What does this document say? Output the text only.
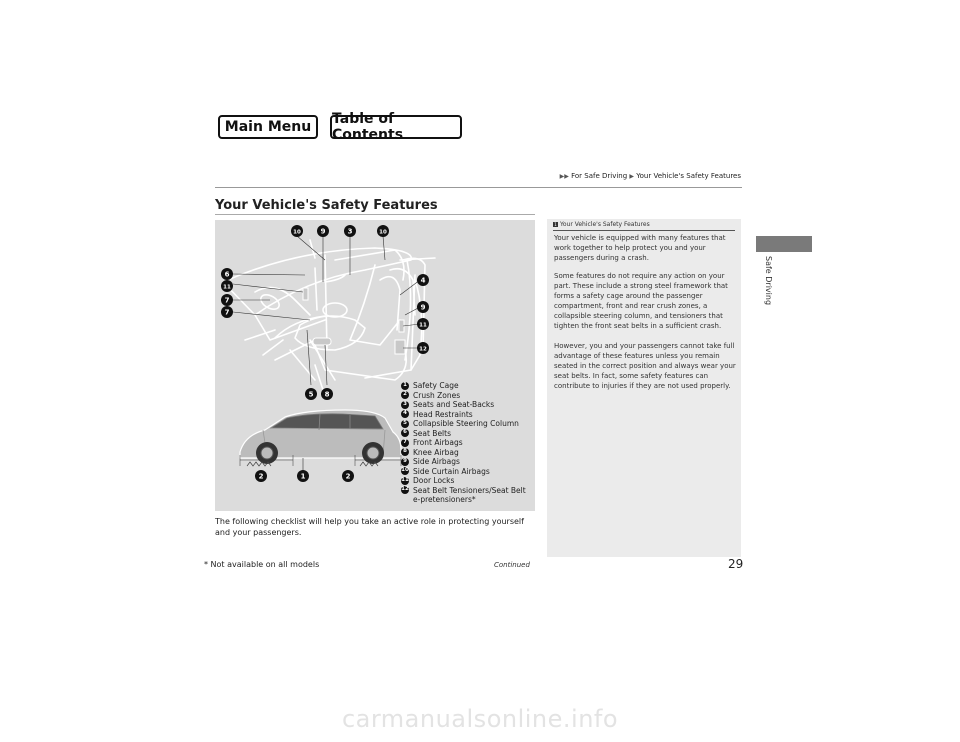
Main Menu	Table of Contents
▶▶ For Safe Driving ▶ Your Vehicle's Safety Features
Safe Driving
Your Vehicle's Safety Features
10	9	3	10
6
11
4
7
7
9
11
12
5 8
2	1	2
1 Safety Cage
2 Crush Zones
3 Seats and Seat-Backs
4 Head Restraints
5 Collapsible Steering Column
6 Seat Belts
7 Front Airbags
8 Knee Airbag
9 Side Airbags
10 Side Curtain Airbags
11 Door Locks
12 Seat Belt Tensioners/Seat Belt
e-pretensioners*
The following checklist will help you take an active role in protecting yourself and your passengers.
1 Your Vehicle's Safety Features
Your vehicle is equipped with many features that work together to help protect you and your passengers during a crash.
Some features do not require any action on your part. These include a strong steel framework that forms a safety cage around the passenger compartment, front and rear crush zones, a collapsible steering column, and tensioners that tighten the front seat belts in a sufficient crash.
However, you and your passengers cannot take full advantage of these features unless you remain seated in the correct position and always wear your seat belts. In fact, some safety features can contribute to injuries if they are not used properly.
* Not available on all models	Continued	29
carmanualsonline.info
